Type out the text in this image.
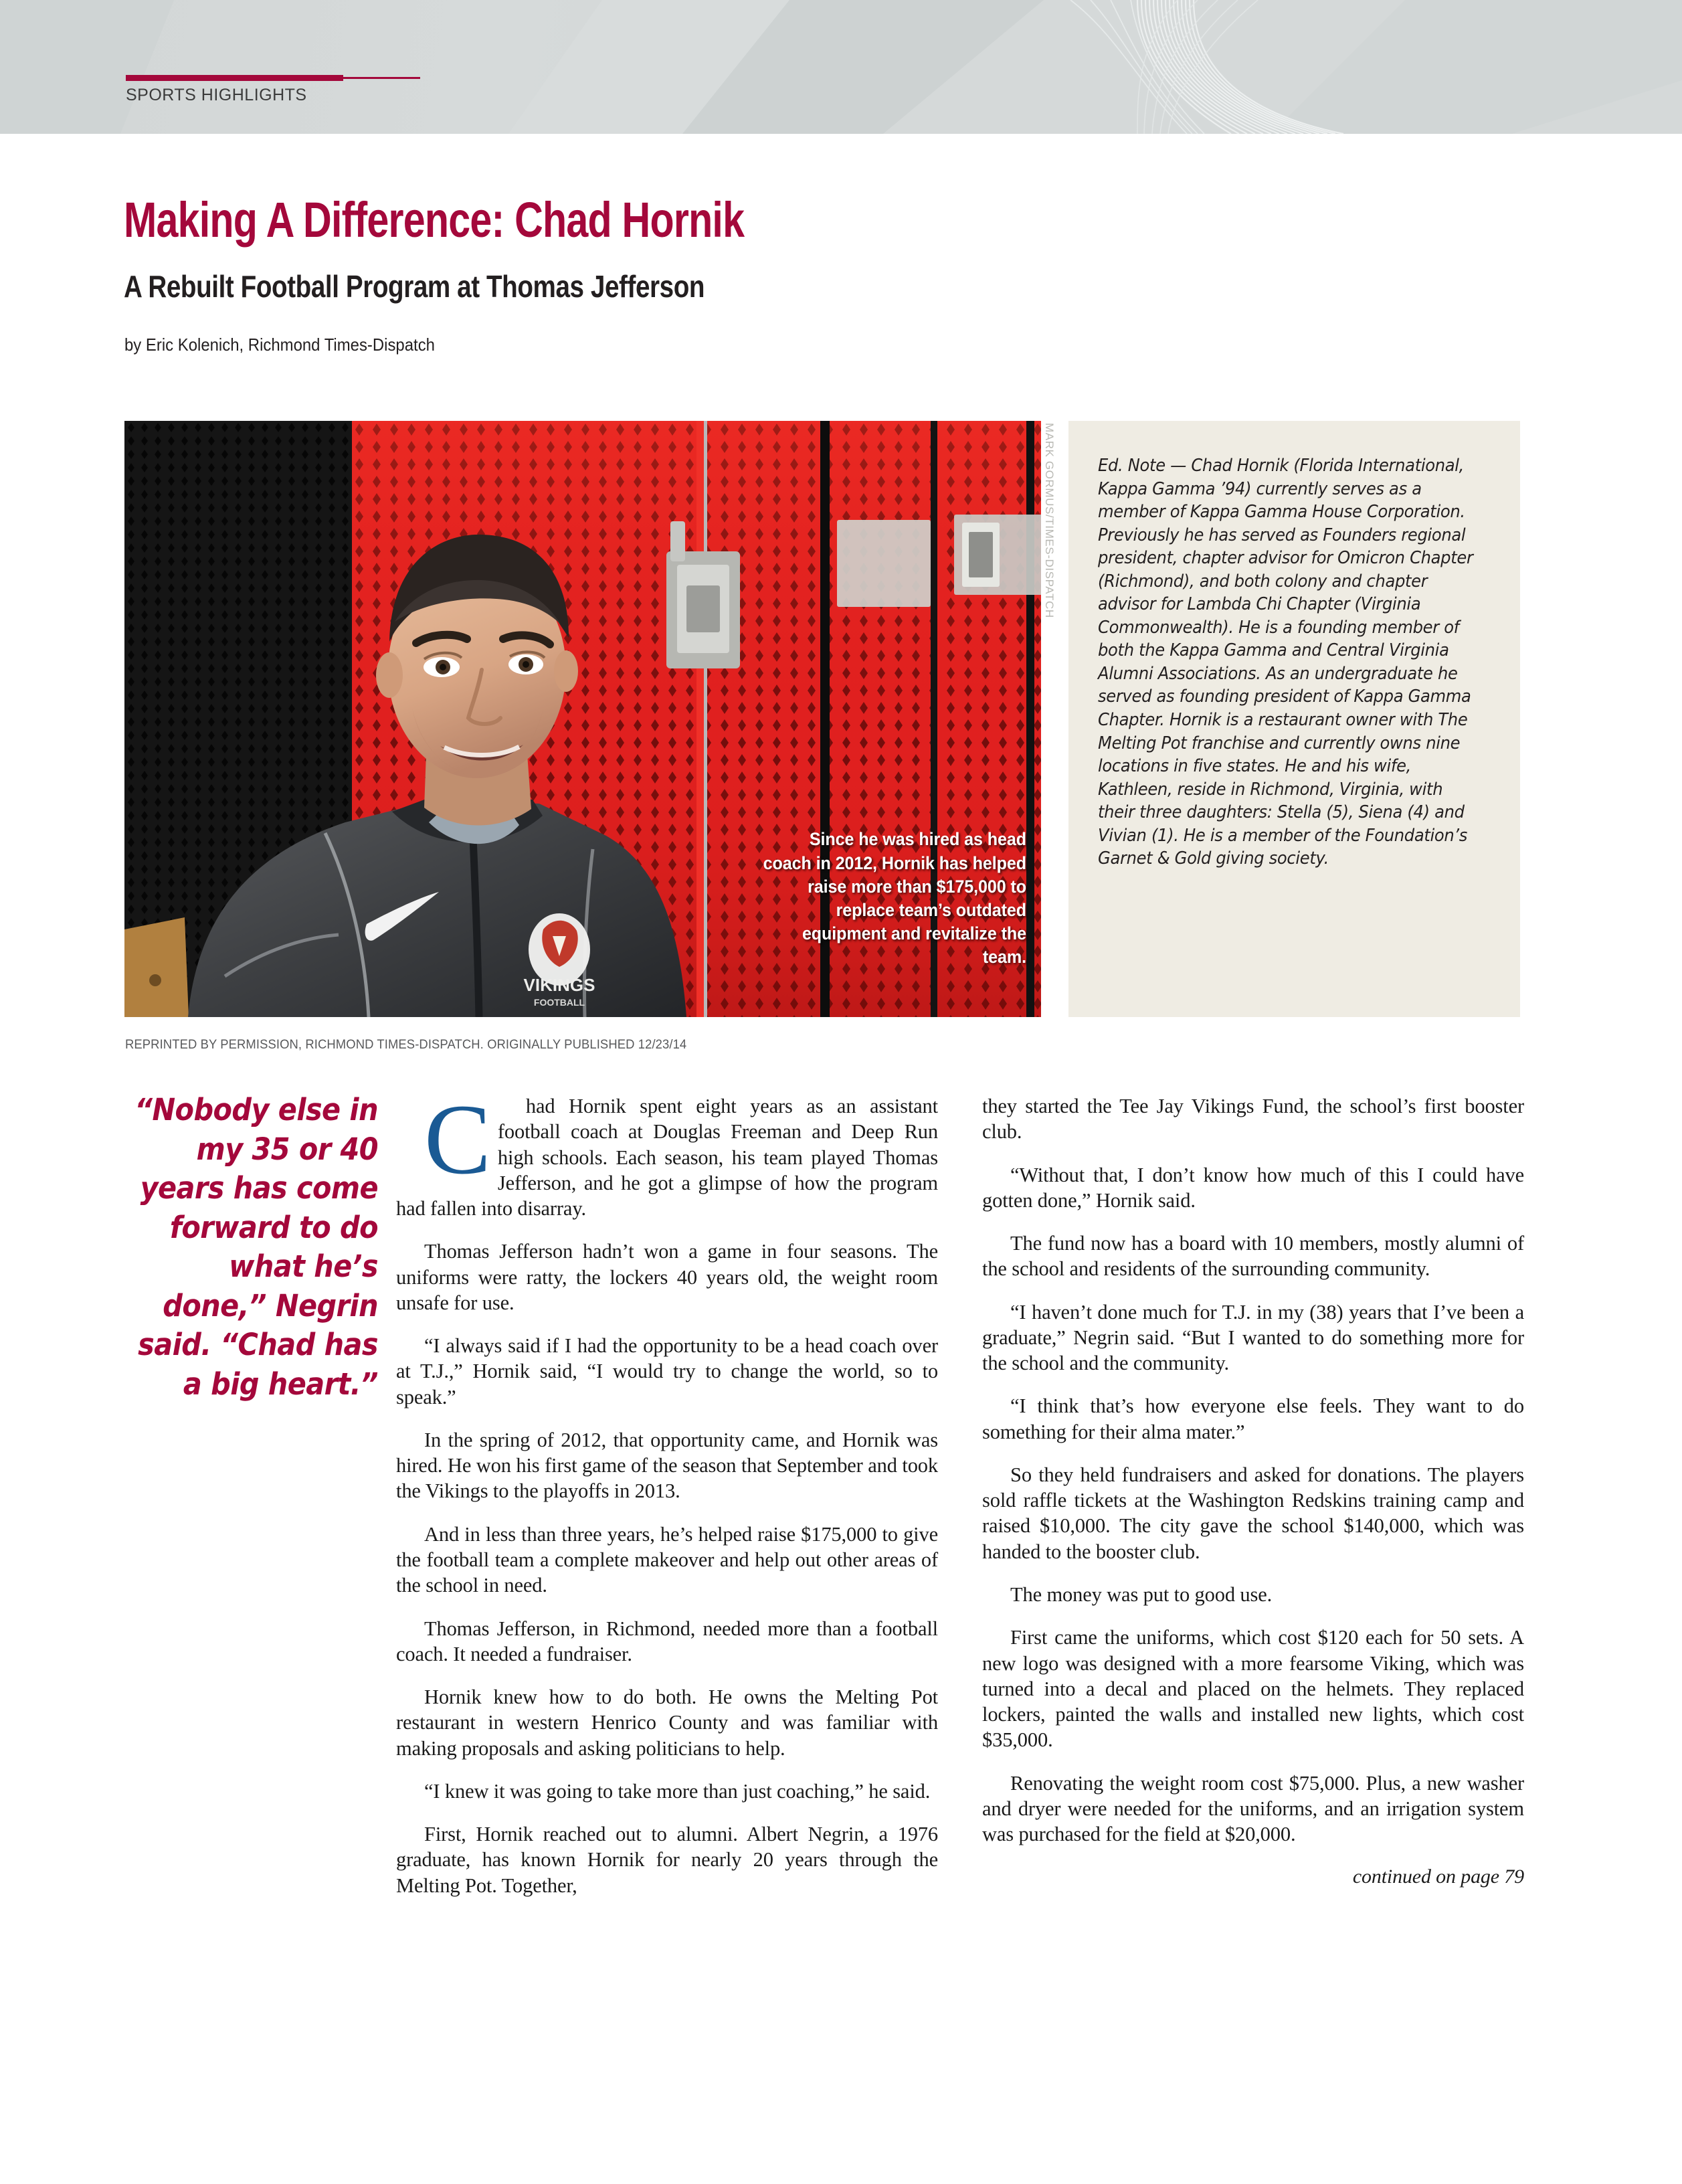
SPORTS HIGHLIGHTS
Making A Difference: Chad Hornik
A Rebuilt Football Program at Thomas Jefferson
by Eric Kolenich, Richmond Times-Dispatch
VIKINGS
FOOTBALL
Since he was hired as head coach in 2012, Hornik has helped raise more than $175,000 to replace team’s outdated equipment and revitalize the team.
MARK GORMUS/TIMES-DISPATCH
REPRINTED BY PERMISSION, RICHMOND TIMES-DISPATCH. ORIGINALLY PUBLISHED 12/23/14

Ed. Note — Chad Hornik (Florida International, Kappa Gamma ’94) currently serves as a member of Kappa Gamma House Corporation. Previously he has served as Founders regional president, chapter advisor for Omicron Chapter (Richmond), and both colony and chapter advisor for Lambda Chi Chapter (Virginia Commonwealth). He is a founding member of both the Kappa Gamma and Central Virginia Alumni Associations. As an undergraduate he served as founding president of Kappa Gamma Chapter. Hornik is a restaurant owner with The Melting Pot franchise and currently owns nine locations in five states. He and his wife, Kathleen, reside in Richmond, Virginia, with their three daughters: Stella (5), Siena (4) and Vivian (1). He is a member of the Foundation’s Garnet & Gold giving society.

“Nobody else in my 35 or 40 years has come forward to do what he’s done,” Negrin said. “Chad has a big heart.”

C had Hornik spent eight years as an assistant football coach at Douglas Freeman and Deep Run high schools. Each season, his team played Thomas Jefferson, and he got a glimpse of how the program had fallen into disarray.

Thomas Jefferson hadn’t won a game in four seasons. The uniforms were ratty, the lockers 40 years old, the weight room unsafe for use.

“I always said if I had the opportunity to be a head coach over at T.J.,” Hornik said, “I would try to change the world, so to speak.”

In the spring of 2012, that opportunity came, and Hornik was hired. He won his first game of the season that September and took the Vikings to the playoffs in 2013.

And in less than three years, he’s helped raise $175,000 to give the football team a complete makeover and help out other areas of the school in need.

Thomas Jefferson, in Richmond, needed more than a football coach. It needed a fundraiser.

Hornik knew how to do both. He owns the Melting Pot restaurant in western Henrico County and was familiar with making proposals and asking politicians to help.

“I knew it was going to take more than just coaching,” he said.

First, Hornik reached out to alumni. Albert Negrin, a 1976 graduate, has known Hornik for nearly 20 years through the Melting Pot. Together,

they started the Tee Jay Vikings Fund, the school’s first booster club.

“Without that, I don’t know how much of this I could have gotten done,” Hornik said.

The fund now has a board with 10 members, mostly alumni of the school and residents of the surrounding community.

“I haven’t done much for T.J. in my (38) years that I’ve been a graduate,” Negrin said. “But I wanted to do something more for the school and the community.

“I think that’s how everyone else feels. They want to do something for their alma mater.”

So they held fundraisers and asked for donations. The players sold raffle tickets at the Washington Redskins training camp and raised $10,000. The city gave the school $140,000, which was handed to the booster club.

The money was put to good use.

First came the uniforms, which cost $120 each for 50 sets. A new logo was designed with a more fearsome Viking, which was turned into a decal and placed on the helmets. They replaced lockers, painted the walls and installed new lights, which cost $35,000.

Renovating the weight room cost $75,000. Plus, a new washer and dryer were needed for the uniforms, and an irrigation system was purchased for the field at $20,000.

continued on page 79
